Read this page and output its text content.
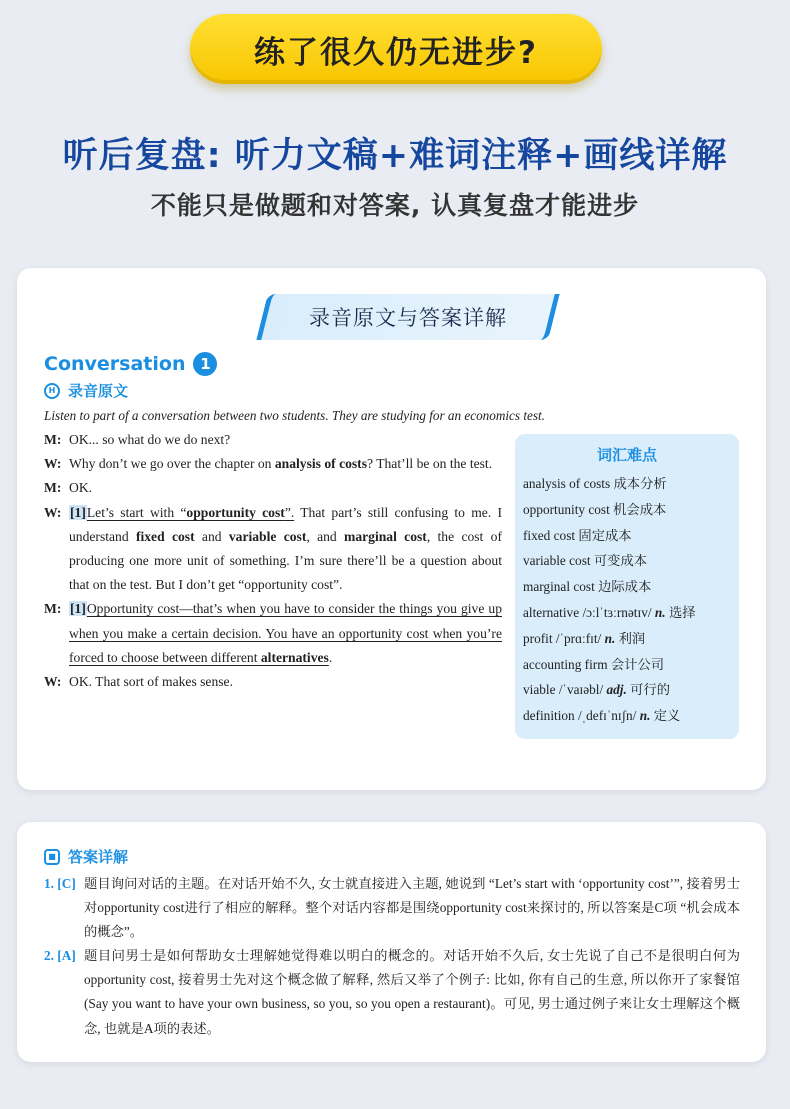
练了很久仍无进步?
听后复盘: 听力文稿+难词注释+画线详解
不能只是做题和对答案, 认真复盘才能进步
录音原文与答案详解
Conversation 1
H 录音原文
Listen to part of a conversation between two students. They are studying for an economics test.
M: OK... so what do we do next?
W: Why don’t we go over the chapter on analysis of costs? That’ll be on the test.
M: OK.
W: [1]Let’s start with “opportunity cost”. That part’s still confusing to me. I understand fixed cost and variable cost, and marginal cost, the cost of producing one more unit of something. I’m sure there’ll be a question about that on the test. But I don’t get “opportunity cost”.
M: [1]Opportunity cost—that’s when you have to consider the things you give up when you make a certain decision. You have an opportunity cost when you’re forced to choose between different alternatives.
W: OK. That sort of makes sense.
词汇难点
analysis of costs 成本分析
opportunity cost 机会成本
fixed cost 固定成本
variable cost 可变成本
marginal cost 边际成本
alternative /ɔːlˈtɜːrnətɪv/ n. 选择
profit /ˈprɑːfɪt/ n. 利润
accounting firm 会计公司
viable /ˈvaɪəbl/ adj. 可行的
definition /ˌdefɪˈnɪʃn/ n. 定义
■ 答案详解
1. [C] 题目询问对话的主题。在对话开始不久, 女士就直接进入主题, 她说到 “Let’s start with ‘opportunity cost’”, 接着男士对opportunity cost进行了相应的解释。整个对话内容都是围绕opportunity cost来探讨的, 所以答案是C项 “机会成本的概念”。
2. [A] 题目问男士是如何帮助女士理解她觉得难以明白的概念的。对话开始不久后, 女士先说了自己不是很明白何为opportunity cost, 接着男士先对这个概念做了解释, 然后又举了个例子: 比如, 你有自己的生意, 所以你开了家餐馆(Say you want to have your own business, so you, so you open a restaurant)。可见, 男士通过例子来让女士理解这个概念, 也就是A项的表述。
